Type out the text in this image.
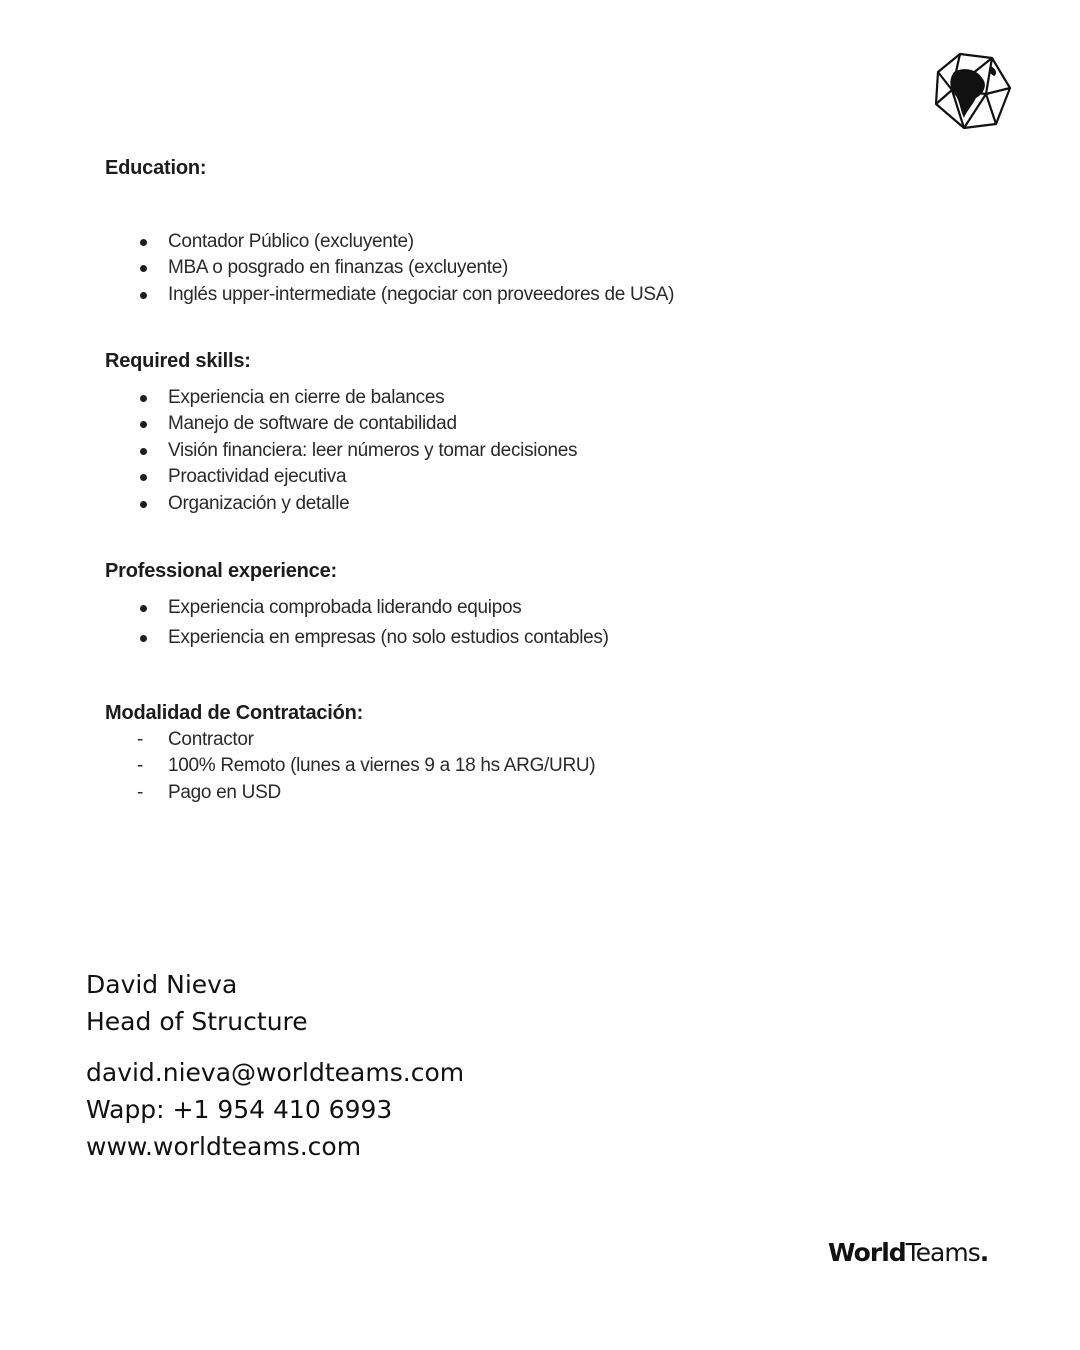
Education:
Contador Público (excluyente)
MBA o posgrado en finanzas (excluyente)
Inglés upper-intermediate (negociar con proveedores de USA)
Required skills:
Experiencia en cierre de balances
Manejo de software de contabilidad
Visión financiera: leer números y tomar decisiones
Proactividad ejecutiva
Organización y detalle
Professional experience:
Experiencia comprobada liderando equipos
Experiencia en empresas (no solo estudios contables)
Modalidad de Contratación:
- Contractor
- 100% Remoto (lunes a viernes 9 a 18 hs ARG/URU)
- Pago en USD
David Nieva
Head of Structure
david.nieva@worldteams.com
Wapp: +1 954 410 6993
www.worldteams.com
WorldTeams.
